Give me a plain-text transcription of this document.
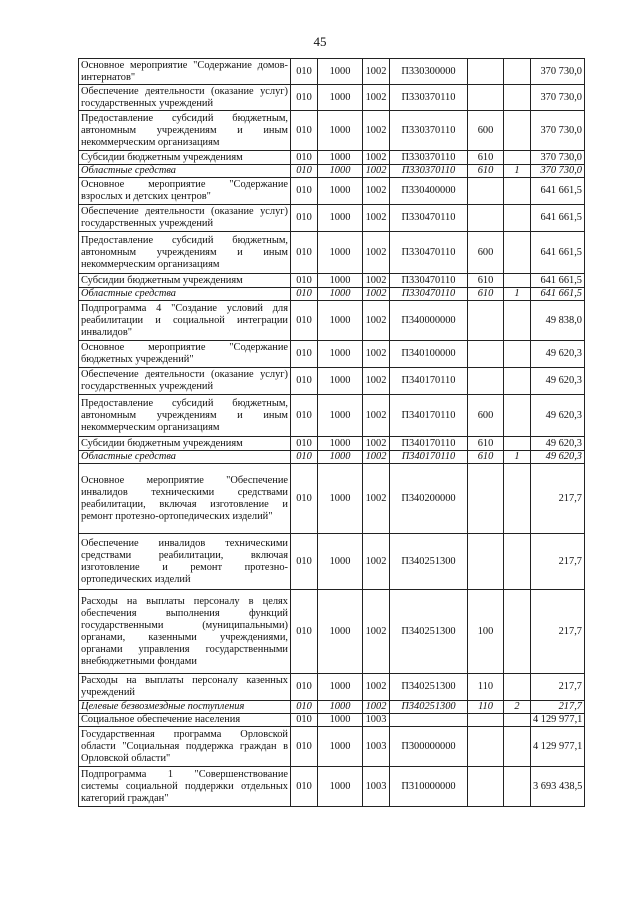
45
Основное мероприятие "Содержание домов-интернатов"	010	1000	1002	П330300000			370 730,0
Обеспечение деятельности (оказание услуг) государственных учреждений	010	1000	1002	П330370110			370 730,0
Предоставление субсидий бюджетным, автономным учреждениям и иным некоммерческим организациям	010	1000	1002	П330370110	600		370 730,0
Субсидии бюджетным учреждениям	010	1000	1002	П330370110	610		370 730,0
Областные средства	010	1000	1002	П330370110	610	1	370 730,0
Основное мероприятие "Содержание взрослых и детских центров"	010	1000	1002	П330400000			641 661,5
Обеспечение деятельности (оказание услуг) государственных учреждений	010	1000	1002	П330470110			641 661,5
Предоставление субсидий бюджетным, автономным учреждениям и иным некоммерческим организациям	010	1000	1002	П330470110	600		641 661,5
Субсидии бюджетным учреждениям	010	1000	1002	П330470110	610		641 661,5
Областные средства	010	1000	1002	П330470110	610	1	641 661,5
Подпрограмма 4 "Создание условий для реабилитации и социальной интеграции инвалидов"	010	1000	1002	П340000000			49 838,0
Основное мероприятие "Содержание бюджетных учреждений"	010	1000	1002	П340100000			49 620,3
Обеспечение деятельности (оказание услуг) государственных учреждений	010	1000	1002	П340170110			49 620,3
Предоставление субсидий бюджетным, автономным учреждениям и иным некоммерческим организациям	010	1000	1002	П340170110	600		49 620,3
Субсидии бюджетным учреждениям	010	1000	1002	П340170110	610		49 620,3
Областные средства	010	1000	1002	П340170110	610	1	49 620,3
Основное мероприятие "Обеспечение инвалидов техническими средствами реабилитации, включая изготовление и ремонт протезно-ортопедических изделий"	010	1000	1002	П340200000			217,7
Обеспечение инвалидов техническими средствами реабилитации, включая изготовление и ремонт протезно-ортопедических изделий	010	1000	1002	П340251300			217,7
Расходы на выплаты персоналу в целях обеспечения выполнения функций государственными (муниципальными) органами, казенными учреждениями, органами управления государственными внебюджетными фондами	010	1000	1002	П340251300	100		217,7
Расходы на выплаты персоналу казенных учреждений	010	1000	1002	П340251300	110		217,7
Целевые безвозмездные поступления	010	1000	1002	П340251300	110	2	217,7
Социальное обеспечение населения	010	1000	1003				4 129 977,1
Государственная программа Орловской области "Социальная поддержка граждан в Орловской области"	010	1000	1003	П300000000			4 129 977,1
Подпрограмма 1 "Совершенствование системы социальной поддержки отдельных категорий граждан"	010	1000	1003	П310000000			3 693 438,5
